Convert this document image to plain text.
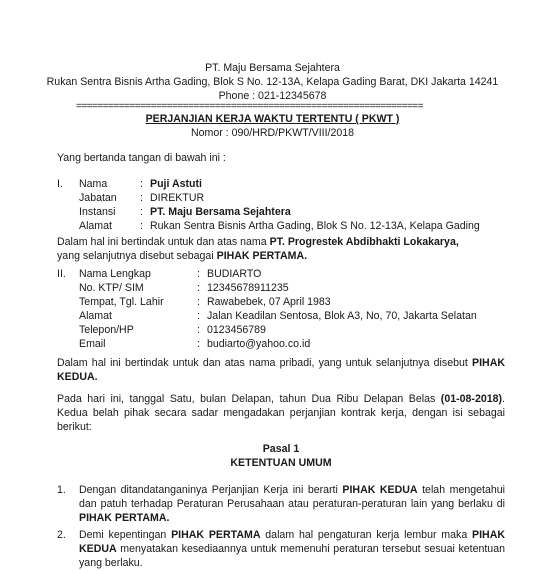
PT. Maju Bersama Sejahtera
Rukan Sentra Bisnis Artha Gading, Blok S No. 12-13A, Kelapa Gading Barat, DKI Jakarta 14241
Phone : 021-12345678
=================================================================
PERJANJIAN KERJA WAKTU TERTENTU ( PKWT )
Nomor : 090/HRD/PKWT/VIII/2018

Yang bertanda tangan di bawah ini :

I.	Nama	: Puji Astuti
Jabatan	: DIREKTUR
Instansi	: PT. Maju Bersama Sejahtera
Alamat	: Rukan Sentra Bisnis Artha Gading, Blok S No. 12-13A, Kelapa Gading

Dalam hal ini bertindak untuk dan atas nama PT. Progrestek Abdibhakti Lokakarya,
yang selanjutnya disebut sebagai PIHAK PERTAMA.

II.	Nama Lengkap	: BUDIARTO
No. KTP/ SIM	: 12345678911235
Tempat, Tgl. Lahir	: Rawabebek, 07 April 1983
Alamat	: Jalan Keadilan Sentosa, Blok A3, No, 70, Jakarta Selatan
Telepon/HP	: 0123456789
Email	: budiarto@yahoo.co.id

Dalam hal ini bertindak untuk dan atas nama pribadi, yang untuk selanjutnya disebut PIHAK KEDUA.

Pada hari ini, tanggal Satu, bulan Delapan, tahun Dua Ribu Delapan Belas (01-08-2018). Kedua belah pihak secara sadar mengadakan perjanjian kontrak kerja, dengan isi sebagai berikut:

Pasal 1
KETENTUAN UMUM
1.	Dengan ditandatanganinya Perjanjian Kerja ini berarti PIHAK KEDUA telah mengetahui dan patuh terhadap Peraturan Perusahaan atau peraturan-peraturan lain yang berlaku di PIHAK PERTAMA.
2.	Demi kepentingan PIHAK PERTAMA dalam hal pengaturan kerja lembur maka PIHAK KEDUA menyatakan kesediaannya untuk memenuhi peraturan tersebut sesuai ketentuan yang berlaku.
